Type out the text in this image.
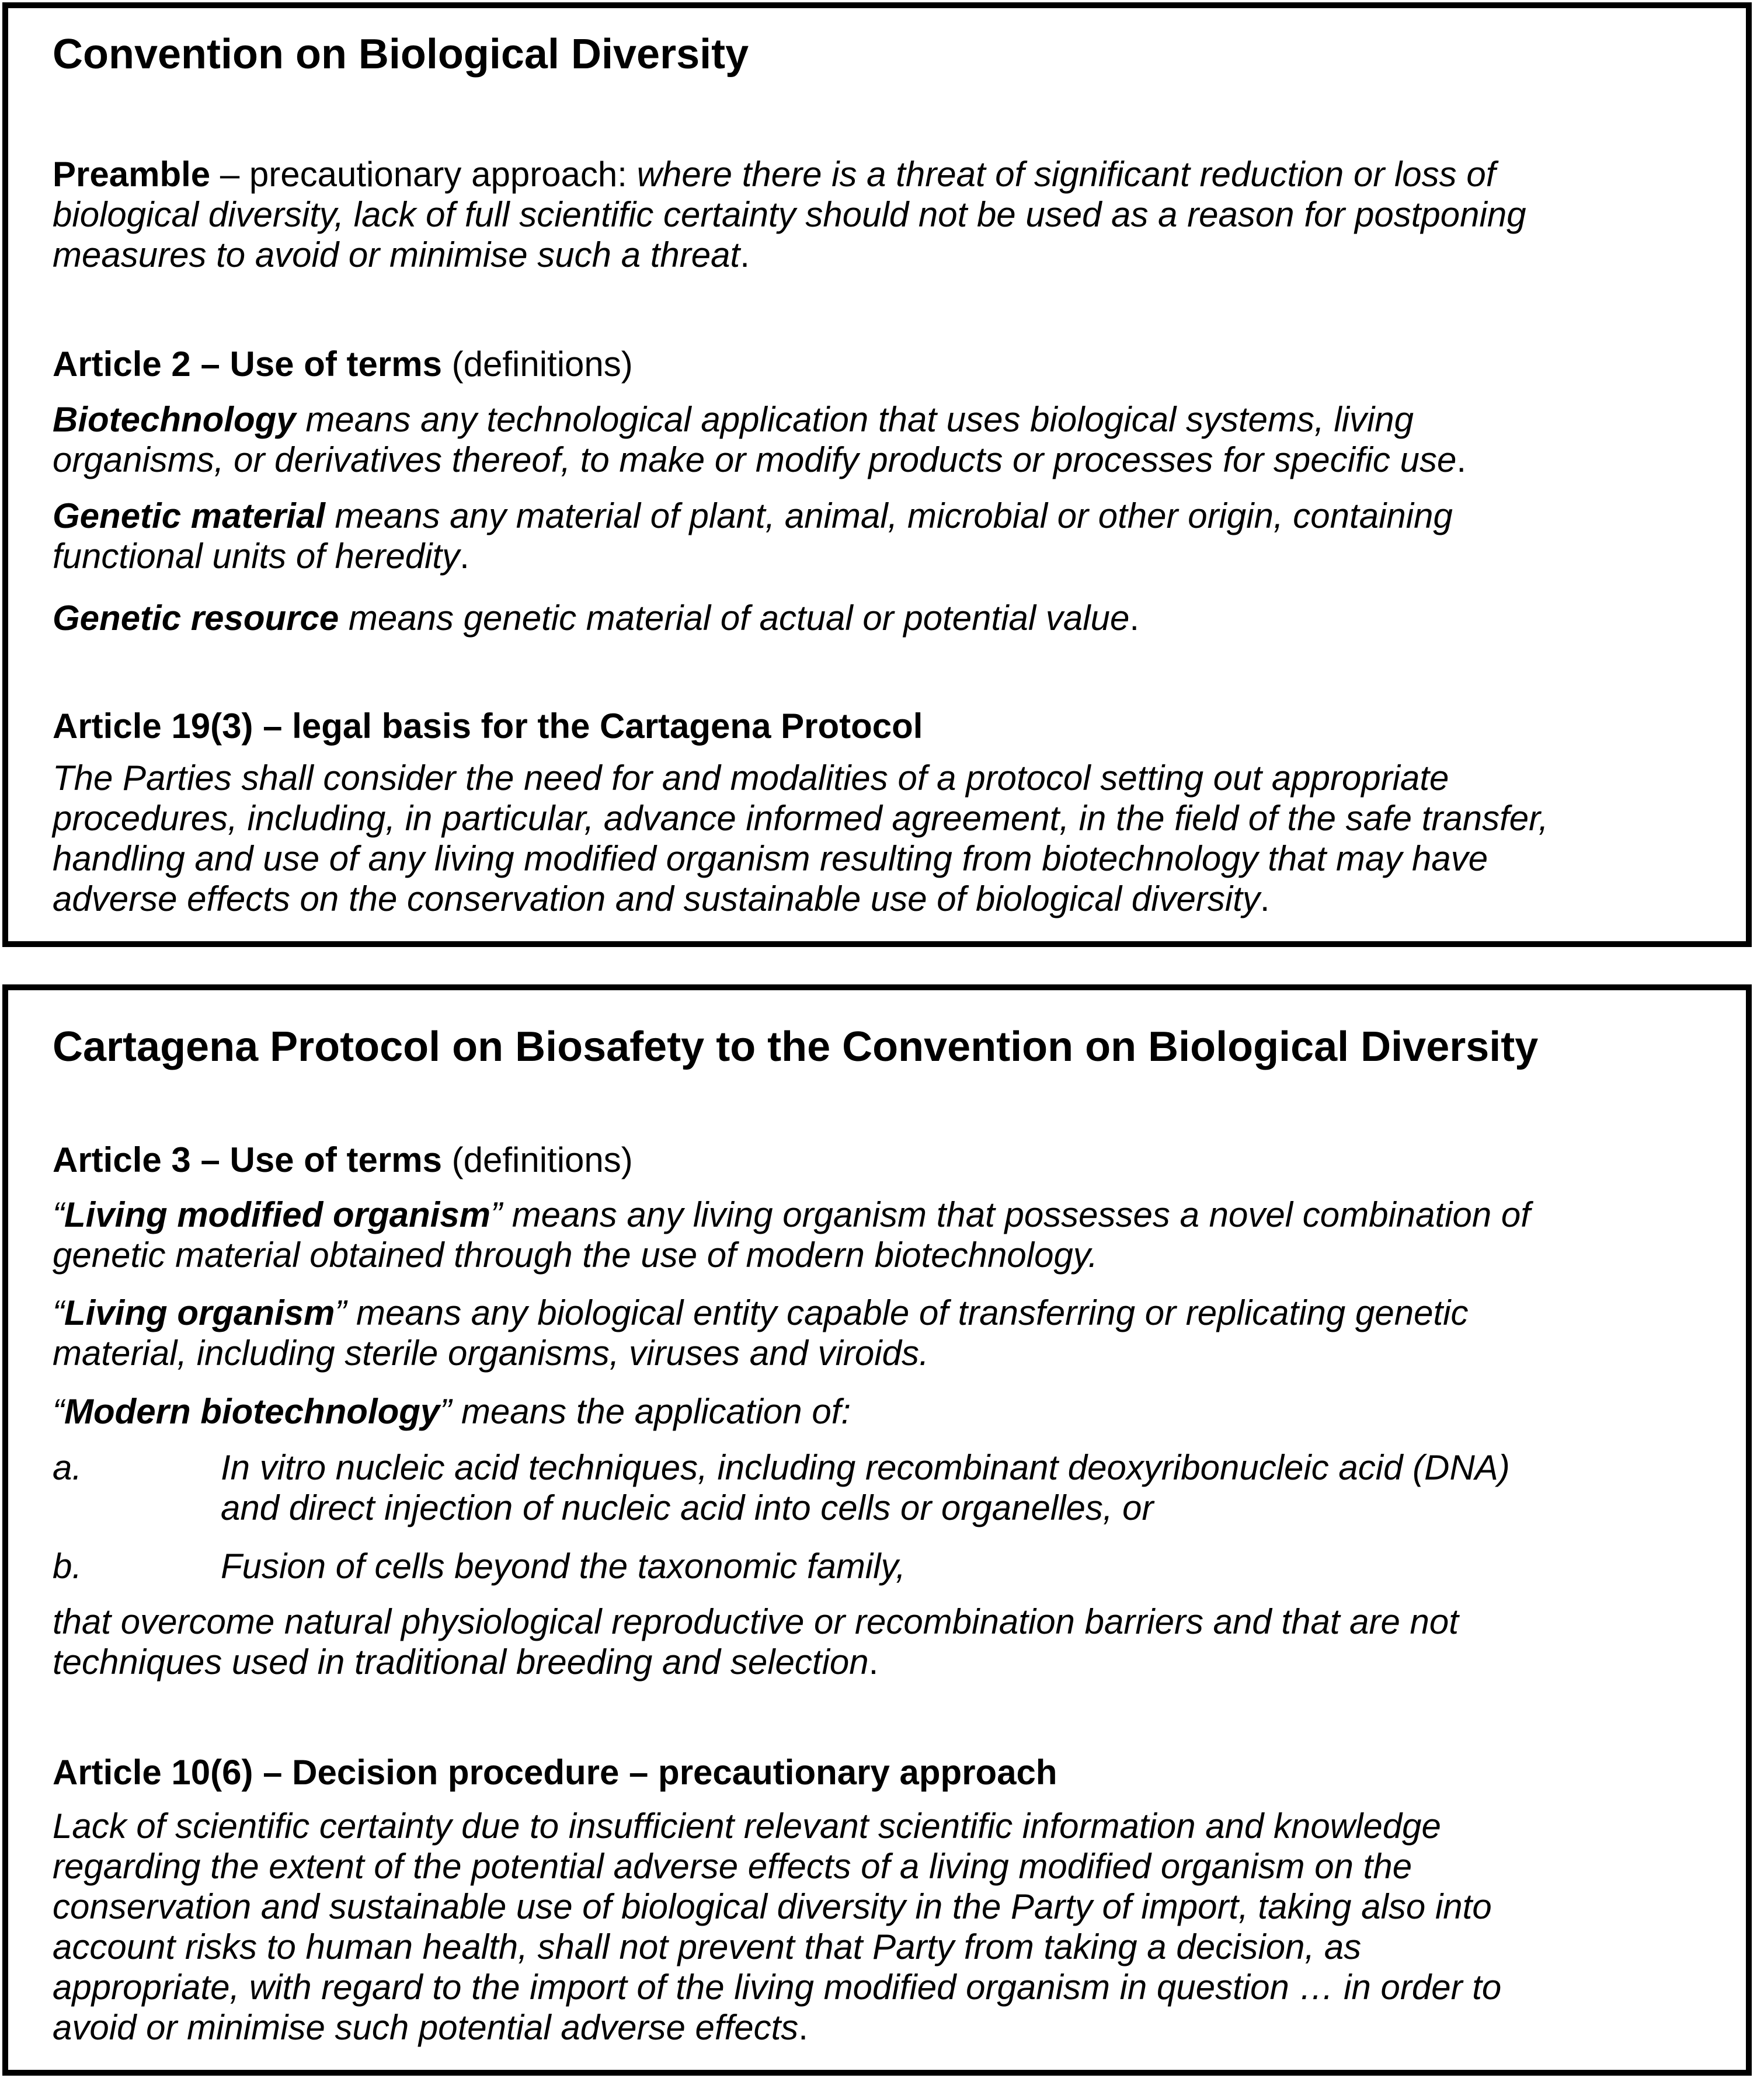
Convention on Biological Diversity
Preamble – precautionary approach: where there is a threat of significant reduction or loss of
biological diversity, lack of full scientific certainty should not be used as a reason for postponing
measures to avoid or minimise such a threat.
Article 2 – Use of terms (definitions)
Biotechnology means any technological application that uses biological systems, living
organisms, or derivatives thereof, to make or modify products or processes for specific use.
Genetic material means any material of plant, animal, microbial or other origin, containing
functional units of heredity.
Genetic resource means genetic material of actual or potential value.
Article 19(3) – legal basis for the Cartagena Protocol
The Parties shall consider the need for and modalities of a protocol setting out appropriate
procedures, including, in particular, advance informed agreement, in the field of the safe transfer,
handling and use of any living modified organism resulting from biotechnology that may have
adverse effects on the conservation and sustainable use of biological diversity.
Cartagena Protocol on Biosafety to the Convention on Biological Diversity
Article 3 – Use of terms (definitions)
“Living modified organism” means any living organism that possesses a novel combination of
genetic material obtained through the use of modern biotechnology.
“Living organism” means any biological entity capable of transferring or replicating genetic
material, including sterile organisms, viruses and viroids.
“Modern biotechnology” means the application of:
a.	In vitro nucleic acid techniques, including recombinant deoxyribonucleic acid (DNA)
and direct injection of nucleic acid into cells or organelles, or
b.	Fusion of cells beyond the taxonomic family,
that overcome natural physiological reproductive or recombination barriers and that are not
techniques used in traditional breeding and selection.
Article 10(6) – Decision procedure – precautionary approach
Lack of scientific certainty due to insufficient relevant scientific information and knowledge
regarding the extent of the potential adverse effects of a living modified organism on the
conservation and sustainable use of biological diversity in the Party of import, taking also into
account risks to human health, shall not prevent that Party from taking a decision, as
appropriate, with regard to the import of the living modified organism in question … in order to
avoid or minimise such potential adverse effects.
